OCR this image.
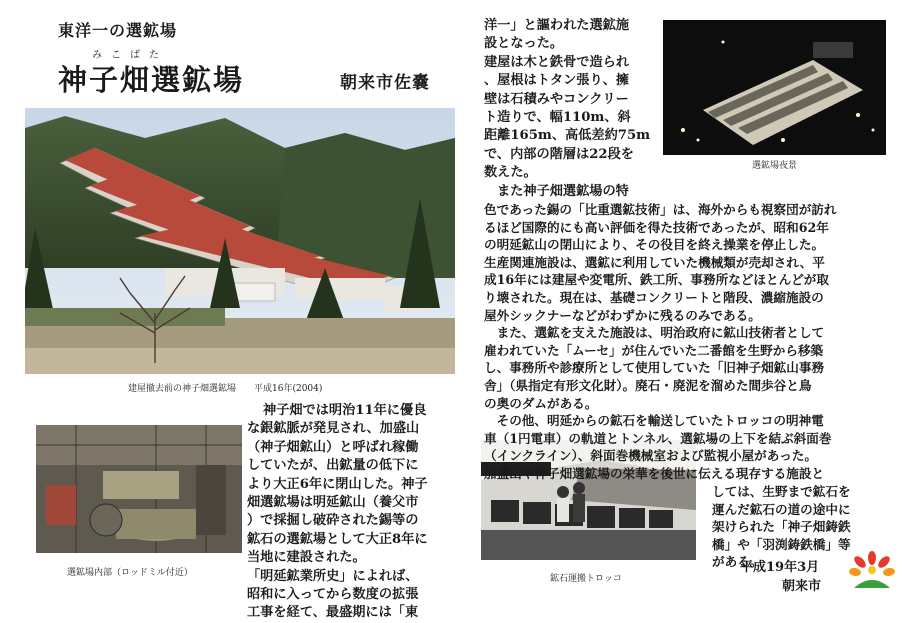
東洋一の選鉱場
みこばた
神子畑選鉱場	朝来市佐嚢
建屋撤去前の神子畑選鉱場　　平成16年(2004)
選鉱場内部（ロッドミル付近）
選鉱場夜景
鉱石運搬トロッコ

神子畑では明治11年に優良

な銀鉱脈が発見され、加盛山

（神子畑鉱山）と呼ばれ稼働

していたが、出鉱量の低下に

より大正6年に閉山した。神子

畑選鉱場は明延鉱山（養父市

）で採掘し破砕された錫等の

鉱石の選鉱場として大正8年に

当地に建設された。

「明延鉱業所史」によれば、

昭和に入ってから数度の拡張

工事を経て、最盛期には「東

洋一」と謳われた選鉱施

設となった。

建屋は木と鉄骨で造られ

、屋根はトタン張り、擁

壁は石積みやコンクリー

ト造りで、幅110m、斜

距離165m、高低差約75m

で、内部の階層は22段を

数えた。

また神子畑選鉱場の特

色であった錫の「比重選鉱技術」は、海外からも視察団が訪れ

るほど国際的にも高い評価を得た技術であったが、昭和62年

の明延鉱山の閉山により、その役目を終え操業を停止した。

生産関連施設は、選鉱に利用していた機械類が売却され、平

成16年には建屋や変電所、鉄工所、事務所などほとんどが取

り壊された。現在は、基礎コンクリートと階段、濃縮施設の

屋外シックナーなどがわずかに残るのみである。

　また、選鉱を支えた施設は、明治政府に鉱山技術者として

雇われていた「ムーセ」が住んでいた二番館を生野から移築

し、事務所や診療所として使用していた「旧神子畑鉱山事務

舎」（県指定有形文化財）。廃石・廃泥を溜めた間歩谷と鳥

の奥のダムがある。

　その他、明延からの鉱石を輸送していたトロッコの明神電

車（1円電車）の軌道とトンネル、選鉱場の上下を結ぶ斜面巻

（インクライン）、斜面巻機械室および監視小屋があった。

加盛山や神子畑選鉱場の栄華を後世に伝える現存する施設と

しては、生野まで鉱石を

運んだ鉱石の道の途中に

架けられた「神子畑鋳鉄

橋」や「羽渕鋳鉄橋」等

がある。

平成19年3月
朝来市
